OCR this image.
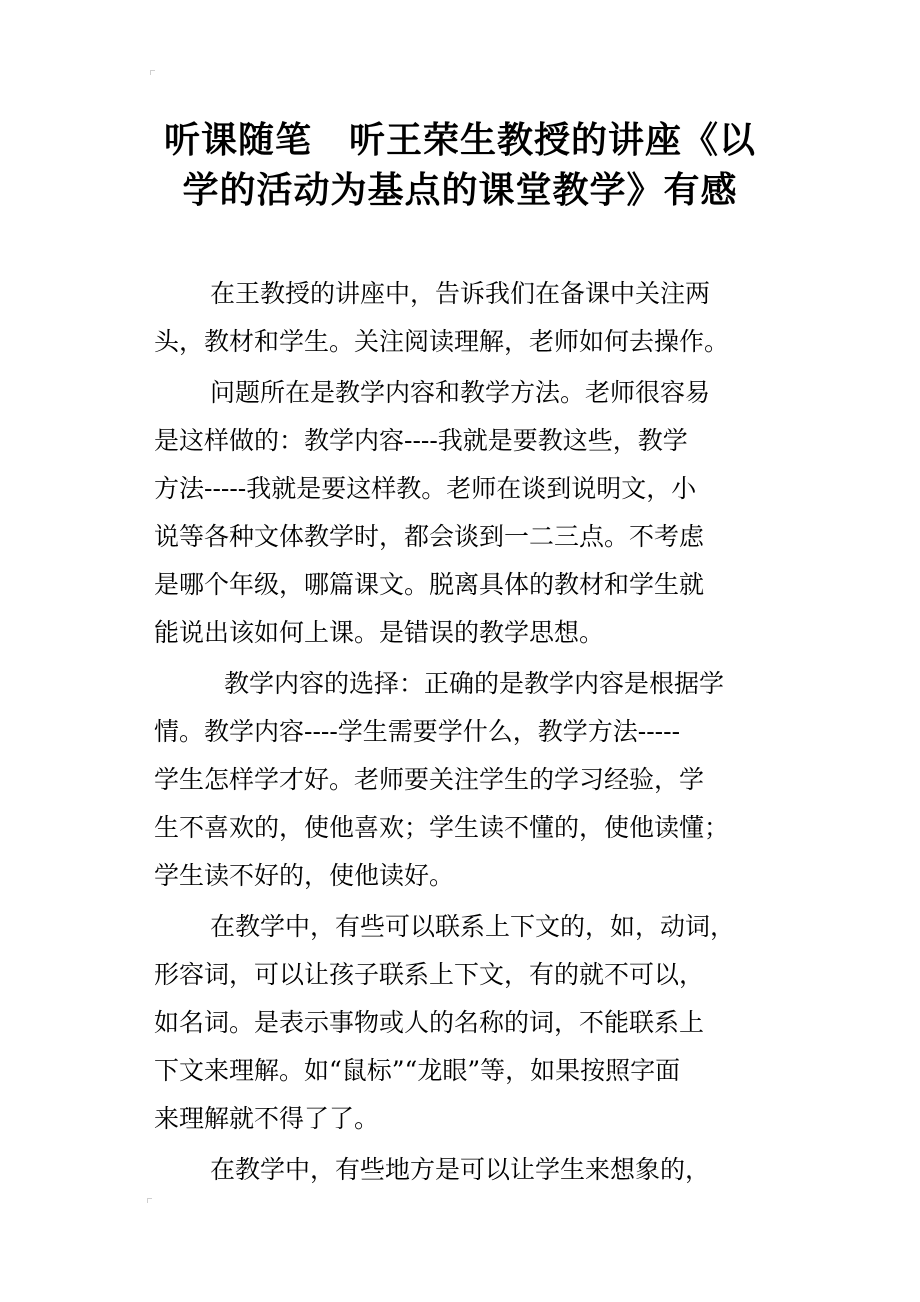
听课随笔　听王荣生教授的讲座《以
学的活动为基点的课堂教学》有感

在王教授的讲座中，告诉我们在备课中关注两
头，教材和学生。关注阅读理解，老师如何去操作。

问题所在是教学内容和教学方法。老师很容易
是这样做的：教学内容----我就是要教这些，教学
方法-----我就是要这样教。老师在谈到说明文，小
说等各种文体教学时，都会谈到一二三点。不考虑
是哪个年级，哪篇课文。脱离具体的教材和学生就
能说出该如何上课。是错误的教学思想。

教学内容的选择：正确的是教学内容是根据学
情。教学内容----学生需要学什么，教学方法-----
学生怎样学才好。老师要关注学生的学习经验，学
生不喜欢的，使他喜欢；学生读不懂的，使他读懂；
学生读不好的，使他读好。

在教学中，有些可以联系上下文的，如，动词，
形容词，可以让孩子联系上下文，有的就不可以，
如名词。是表示事物或人的名称的词，不能联系上
下文来理解。如“鼠标”“龙眼”等，如果按照字面
来理解就不得了了。

在教学中，有些地方是可以让学生来想象的，
